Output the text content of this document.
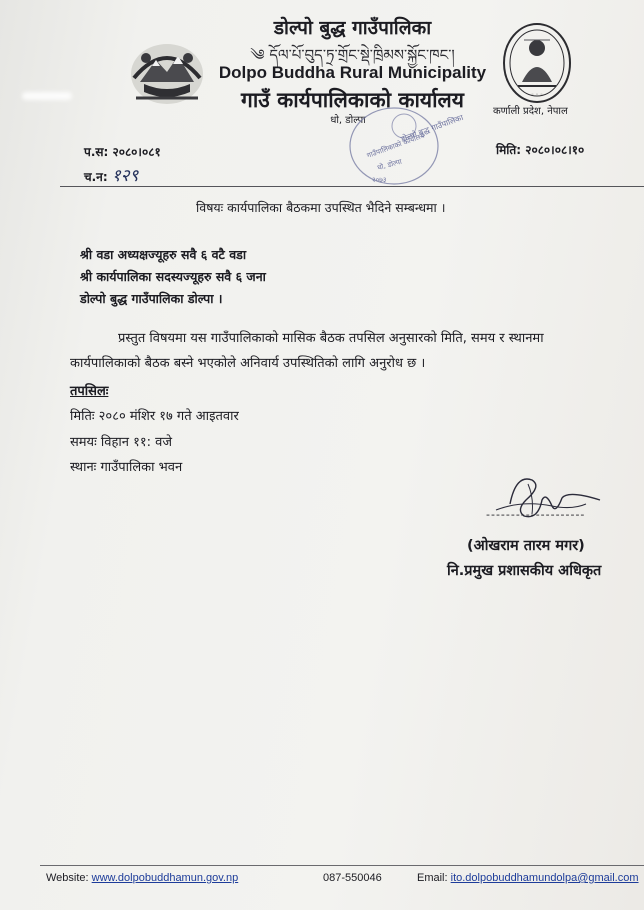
◦ ◦ ◦
डोल्पो बुद्ध गाउँपालिका
༄ དོལ་པོ་བུད་ཏྲ་གྲོང་སྡེ་ཁྲིམས་སྐྱོང་ཁང་།
Dolpo Buddha Rural Municipality
गाउँ कार्यपालिकाको कार्यालय
धो, डोल्पा
कर्णाली प्रदेश, नेपाल
डोल्पो बुद्ध गाउँपालिका
गाउँपालिकाको कार्यालय
धो, डोल्पा
२०७३
प.स: २०८०।०८१
च.न: १२९
मिति: २०८०।०८।१०
विषयः कार्यपालिका बैठकमा उपस्थित भैदिने सम्बन्धमा ।
श्री वडा अध्यक्षज्यूहरु सवै ६ वटै वडा
श्री कार्यपालिका सदस्यज्यूहरु सवै ६ जना
डोल्पो बुद्ध गाउँपालिका डोल्पा ।
प्रस्तुत विषयमा यस गाउँपालिकाको मासिक बैठक तपसिल अनुसारको मिति, समय र स्थानमा
कार्यपालिकाको बैठक बस्ने भएकोले अनिवार्य उपस्थितिको लागि अनुरोध छ ।
तपसिलः
मितिः २०८० मंशिर १७ गते आइतवार
समयः विहान ११: वजे
स्थानः गाउँपालिका भवन
--------------------
(ओखराम तारम मगर)
नि.प्रमुख प्रशासकीय अधिकृत
Website: www.dolpobuddhamun.gov.np	087-550046	Email: ito.dolpobuddhamundolpa@gmail.com
